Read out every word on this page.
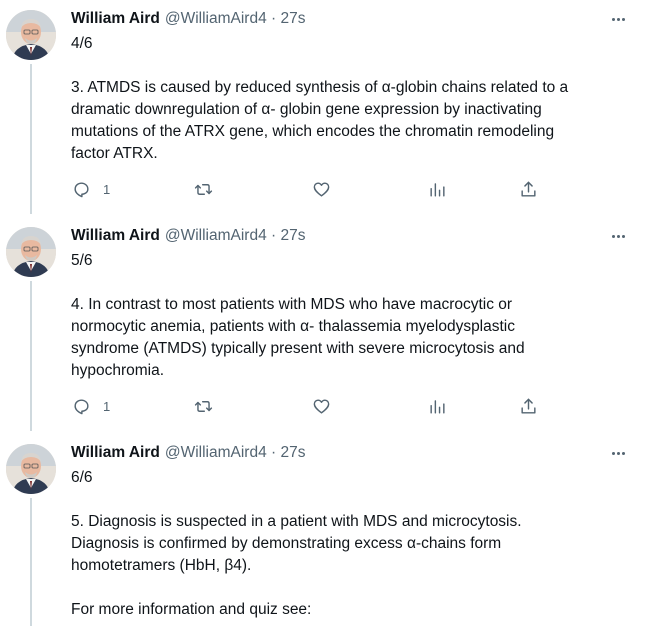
William Aird @WilliamAird4 · 27s
4/6

3. ATMDS is caused by reduced synthesis of α-globin chains related to a
dramatic downregulation of α- globin gene expression by inactivating
mutations of the ATRX gene, which encodes the chromatin remodeling
factor ATRX.
1
William Aird @WilliamAird4 · 27s
5/6

4. In contrast to most patients with MDS who have macrocytic or
normocytic anemia, patients with α- thalassemia myelodysplastic
syndrome (ATMDS) typically present with severe microcytosis and
hypochromia.
1
William Aird @WilliamAird4 · 27s
6/6

5. Diagnosis is suspected in a patient with MDS and microcytosis.
Diagnosis is confirmed by demonstrating excess α-chains form
homotetramers (HbH, β4).

For more information and quiz see:
